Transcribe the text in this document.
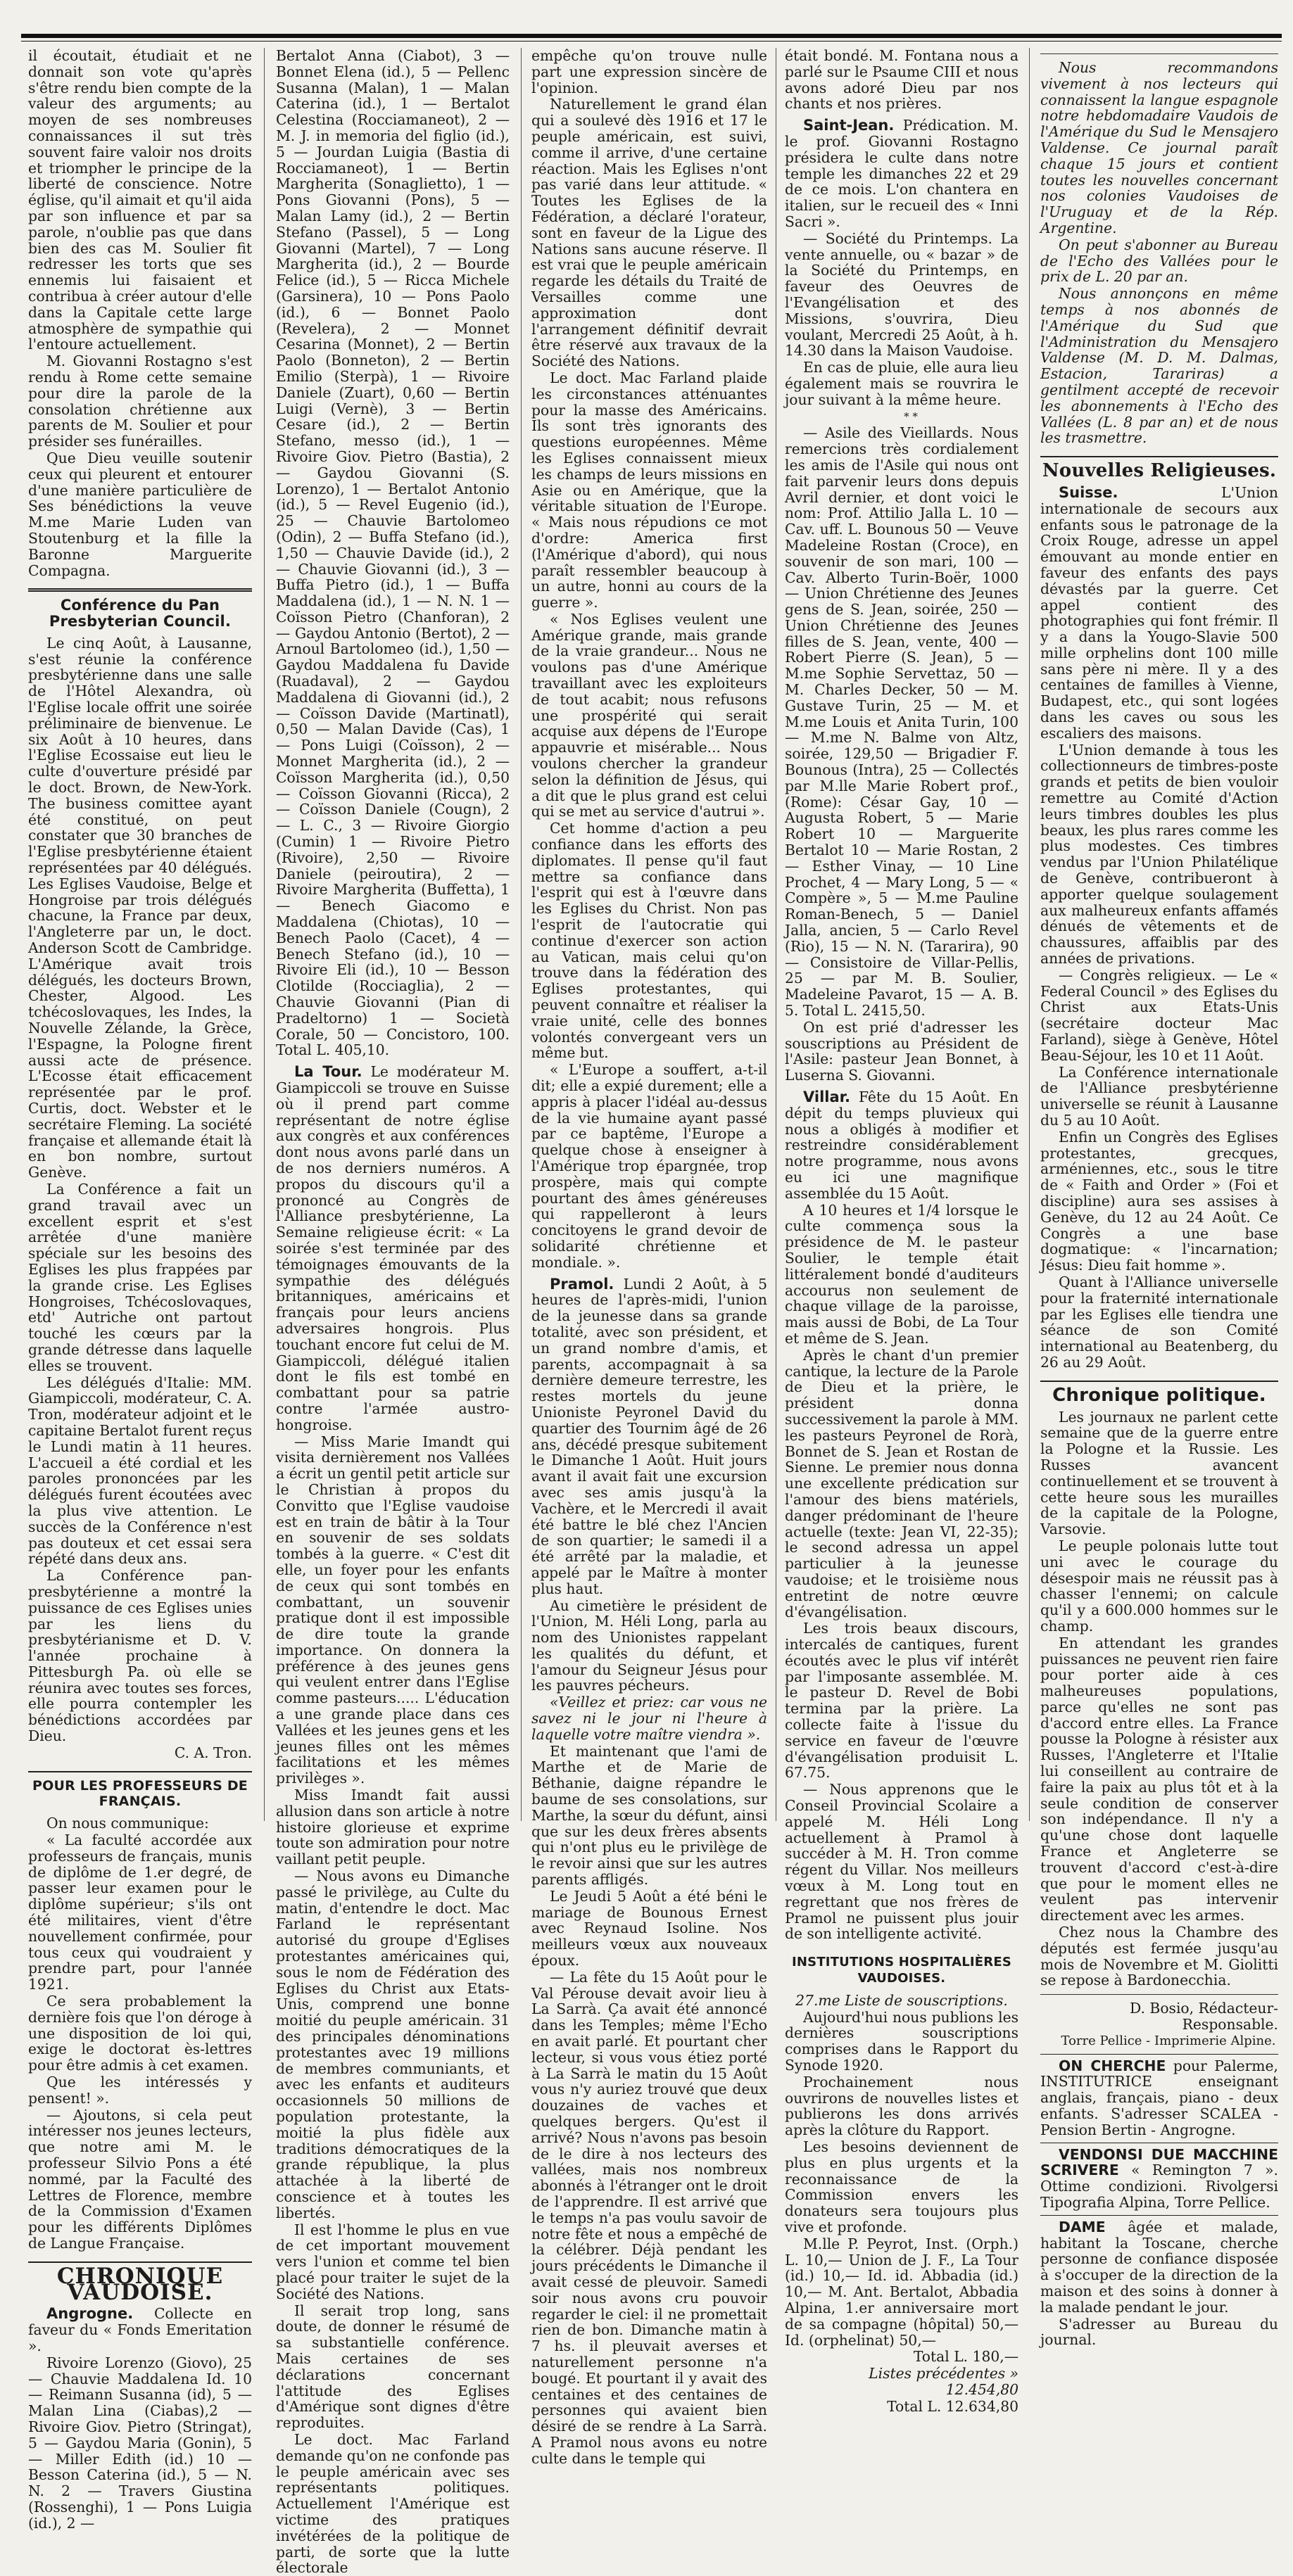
il écoutait, étudiait et ne donnait son vote qu'après s'être rendu bien compte de la valeur des arguments; au moyen de ses nombreuses connaissances il sut très souvent faire valoir nos droits et triompher le principe de la liberté de conscience. Notre église, qu'il aimait et qu'il aida par son influence et par sa parole, n'oublie pas que dans bien des cas M. Soulier fit redresser les torts que ses ennemis lui faisaient et contribua à créer autour d'elle dans la Capitale cette large atmosphère de sympathie qui l'entoure actuellement.

M. Giovanni Rostagno s'est rendu à Rome cette semaine pour dire la parole de la consolation chrétienne aux parents de M. Soulier et pour présider ses funérailles.

Que Dieu veuille soutenir ceux qui pleurent et entourer d'une manière particulière de Ses bénédictions la veuve M.me Marie Luden van Stoutenburg et la fille la Baronne Marguerite Compagna.

Conférence du Pan Presbyterian Council.

Le cinq Août, à Lausanne, s'est réunie la conférence presbytérienne dans une salle de l'Hôtel Alexandra, où l'Eglise locale offrit une soirée préliminaire de bienvenue. Le six Août à 10 heures, dans l'Eglise Ecossaise eut lieu le culte d'ouverture présidé par le doct. Brown, de New-York. The business comittee ayant été constitué, on peut constater que 30 branches de l'Eglise presbytérienne étaient représentées par 40 délégués. Les Eglises Vaudoise, Belge et Hongroise par trois délégués chacune, la France par deux, l'Angleterre par un, le doct. Anderson Scott de Cambridge. L'Amérique avait trois délégués, les docteurs Brown, Chester, Algood. Les tchécoslovaques, les Indes, la Nouvelle Zélande, la Grèce, l'Espagne, la Pologne firent aussi acte de présence. L'Ecosse était efficacement représentée par le prof. Curtis, doct. Webster et le secrétaire Fleming. La société française et allemande était là en bon nombre, surtout Genève.

La Conférence a fait un grand travail avec un excellent esprit et s'est arrêtée d'une manière spéciale sur les besoins des Eglises les plus frappées par la grande crise. Les Eglises Hongroises, Tchécoslovaques, etd' Autriche ont partout touché les cœurs par la grande détresse dans laquelle elles se trouvent.

Les délégués d'Italie: MM. Giampiccoli, modérateur, C. A. Tron, modérateur adjoint et le capitaine Bertalot furent reçus le Lundi matin à 11 heures. L'accueil a été cordial et les paroles prononcées par les délégués furent écoutées avec la plus vive attention. Le succès de la Conférence n'est pas douteux et cet essai sera répété dans deux ans.

La Conférence pan-presbytérienne a montré la puissance de ces Eglises unies par les liens du presbytérianisme et D. V. l'année prochaine à Pittesburgh Pa. où elle se réunira avec toutes ses forces, elle pourra contempler les bénédictions accordées par Dieu.

C. A. Tron.

POUR LES PROFESSEURS DE FRANÇAIS.

On nous communique:

« La faculté accordée aux professeurs de français, munis de diplôme de 1.er degré, de passer leur examen pour le diplôme supérieur; s'ils ont été militaires, vient d'être nouvellement confirmée, pour tous ceux qui voudraient y prendre part, pour l'année 1921.

Ce sera probablement la dernière fois que l'on déroge à une disposition de loi qui, exige le doctorat ès-lettres pour être admis à cet examen.

Que les intéressés y pensent! ».

— Ajoutons, si cela peut intéresser nos jeunes lecteurs, que notre ami M. le professeur Silvio Pons a été nommé, par la Faculté des Lettres de Florence, membre de la Commission d'Examen pour les différents Diplômes de Langue Française.

CHRONIQUE VAUDOISE.

Angrogne. Collecte en faveur du « Fonds Emeritation ».

Rivoire Lorenzo (Giovo), 25 — Chauvie Maddalena Id. 10 — Reimann Susanna (id), 5 — Malan Lina (Ciabas),2 — Rivoire Giov. Pietro (Stringat), 5 — Gaydou Maria (Gonin), 5 — Miller Edith (id.) 10 — Besson Caterina (id.), 5 — N. N. 2 — Travers Giustina (Rossenghi), 1 — Pons Luigia (id.), 2 —

Bertalot Anna (Ciabot), 3 — Bonnet Elena (id.), 5 — Pellenc Susanna (Malan), 1 — Malan Caterina (id.), 1 — Bertalot Celestina (Rocciamaneot), 2 — M. J. in memoria del figlio (id.), 5 — Jourdan Luigia (Bastia di Rocciamaneot), 1 — Bertin Margherita (Sonaglietto), 1 — Pons Giovanni (Pons), 5 — Malan Lamy (id.), 2 — Bertin Stefano (Passel), 5 — Long Giovanni (Martel), 7 — Long Margherita (id.), 2 — Bourde Felice (id.), 5 — Ricca Michele (Garsinera), 10 — Pons Paolo (id.), 6 — Bonnet Paolo (Revelera), 2 — Monnet Cesarina (Monnet), 2 — Bertin Paolo (Bonneton), 2 — Bertin Emilio (Sterpà), 1 — Rivoire Daniele (Zuart), 0,60 — Bertin Luigi (Vernè), 3 — Bertin Cesare (id.), 2 — Bertin Stefano, messo (id.), 1 — Rivoire Giov. Pietro (Bastia), 2 — Gaydou Giovanni (S. Lorenzo), 1 — Bertalot Antonio (id.), 5 — Revel Eugenio (id.), 25 — Chauvie Bartolomeo (Odin), 2 — Buffa Stefano (id.), 1,50 — Chauvie Davide (id.), 2 — Chauvie Giovanni (id.), 3 — Buffa Pietro (id.), 1 — Buffa Maddalena (id.), 1 — N. N. 1 — Coïsson Pietro (Chanforan), 2 — Gaydou Antonio (Bertot), 2 — Arnoul Bartolomeo (id.), 1,50 — Gaydou Maddalena fu Davide (Ruadaval), 2 — Gaydou Maddalena di Giovanni (id.), 2 — Coïsson Davide (Martinatl), 0,50 — Malan Davide (Cas), 1 — Pons Luigi (Coïsson), 2 — Monnet Margherita (id.), 2 — Coïsson Margherita (id.), 0,50 — Coïsson Giovanni (Ricca), 2 — Coïsson Daniele (Cougn), 2 — L. C., 3 — Rivoire Giorgio (Cumin) 1 — Rivoire Pietro (Rivoire), 2,50 — Rivoire Daniele (peiroutira), 2 — Rivoire Margherita (Buffetta), 1 — Benech Giacomo e Maddalena (Chiotas), 10 — Benech Paolo (Cacet), 4 — Benech Stefano (id.), 10 — Rivoire Eli (id.), 10 — Besson Clotilde (Rocciaglia), 2 — Chauvie Giovanni (Pian di Pradeltorno) 1 — Società Corale, 50 — Concistoro, 100. Total L. 405,10.

La Tour. Le modérateur M. Giampiccoli se trouve en Suisse où il prend part comme représentant de notre église aux congrès et aux conférences dont nous avons parlé dans un de nos derniers numéros. A propos du discours qu'il a prononcé au Congrès de l'Alliance presbytérienne, La Semaine religieuse écrit: « La soirée s'est terminée par des témoignages émouvants de la sympathie des délégués britanniques, américains et français pour leurs anciens adversaires hongrois. Plus touchant encore fut celui de M. Giampiccoli, délégué italien dont le fils est tombé en combattant pour sa patrie contre l'armée austro-hongroise.

— Miss Marie Imandt qui visita dernièrement nos Vallées a écrit un gentil petit article sur le Christian à propos du Convitto que l'Eglise vaudoise est en train de bâtir à la Tour en souvenir de ses soldats tombés à la guerre. « C'est dit elle, un foyer pour les enfants de ceux qui sont tombés en combattant, un souvenir pratique dont il est impossible de dire toute la grande importance. On donnera la préférence à des jeunes gens qui veulent entrer dans l'Eglise comme pasteurs..... L'éducation a une grande place dans ces Vallées et les jeunes gens et les jeunes filles ont les mêmes facilitations et les mêmes privilèges ».

Miss Imandt fait aussi allusion dans son article à notre histoire glorieuse et exprime toute son admiration pour notre vaillant petit peuple.

— Nous avons eu Dimanche passé le privilège, au Culte du matin, d'entendre le doct. Mac Farland le représentant autorisé du groupe d'Eglises protestantes américaines qui, sous le nom de Fédération des Eglises du Christ aux Etats-Unis, comprend une bonne moitié du peuple américain. 31 des principales dénominations protestantes avec 19 millions de membres communiants, et avec les enfants et auditeurs occasionnels 50 millions de population protestante, la moitié la plus fidèle aux traditions démocratiques de la grande république, la plus attachée à la liberté de conscience et à toutes les libertés.

Il est l'homme le plus en vue de cet important mouvement vers l'union et comme tel bien placé pour traiter le sujet de la Société des Nations.

Il serait trop long, sans doute, de donner le résumé de sa substantielle conférence. Mais certaines de ses déclarations concernant l'attitude des Eglises d'Amérique sont dignes d'être reproduites.

Le doct. Mac Farland demande qu'on ne confonde pas le peuple américain avec ses représentants politiques. Actuellement l'Amérique est victime des pratiques invétérées de la politique de parti, de sorte que la lutte électorale

empêche qu'on trouve nulle part une expression sincère de l'opinion.

Naturellement le grand élan qui a soulevé dès 1916 et 17 le peuple américain, est suivi, comme il arrive, d'une certaine réaction. Mais les Eglises n'ont pas varié dans leur attitude. « Toutes les Eglises de la Fédération, a déclaré l'orateur, sont en faveur de la Ligue des Nations sans aucune réserve. Il est vrai que le peuple américain regarde les détails du Traité de Versailles comme une approximation dont l'arrangement définitif devrait être réservé aux travaux de la Société des Nations.

Le doct. Mac Farland plaide les circonstances atténuantes pour la masse des Américains. Ils sont très ignorants des questions européennes. Même les Eglises connaissent mieux les champs de leurs missions en Asie ou en Amérique, que la véritable situation de l'Europe. « Mais nous répudions ce mot d'ordre: America first (l'Amérique d'abord), qui nous paraît ressembler beaucoup à un autre, honni au cours de la guerre ».

« Nos Eglises veulent une Amérique grande, mais grande de la vraie grandeur... Nous ne voulons pas d'une Amérique travaillant avec les exploiteurs de tout acabit; nous refusons une prospérité qui serait acquise aux dépens de l'Europe appauvrie et misérable... Nous voulons chercher la grandeur selon la définition de Jésus, qui a dit que le plus grand est celui qui se met au service d'autrui ».

Cet homme d'action a peu confiance dans les efforts des diplomates. Il pense qu'il faut mettre sa confiance dans l'esprit qui est à l'œuvre dans les Eglises du Christ. Non pas l'esprit de l'autocratie qui continue d'exercer son action au Vatican, mais celui qu'on trouve dans la fédération des Eglises protestantes, qui peuvent connaître et réaliser la vraie unité, celle des bonnes volontés convergeant vers un même but.

« L'Europe a souffert, a-t-il dit; elle a expié durement; elle a appris à placer l'idéal au-dessus de la vie humaine ayant passé par ce baptême, l'Europe a quelque chose à enseigner à l'Amérique trop épargnée, trop prospère, mais qui compte pourtant des âmes généreuses qui rappelleront à leurs concitoyens le grand devoir de solidarité chrétienne et mondiale. ».

Pramol. Lundi 2 Août, à 5 heures de l'après-midi, l'union de la jeunesse dans sa grande totalité, avec son président, et un grand nombre d'amis, et parents, accompagnait à sa dernière demeure terrestre, les restes mortels du jeune Unioniste Peyronel David du quartier des Tournim âgé de 26 ans, décédé presque subitement le Dimanche 1 Août. Huit jours avant il avait fait une excursion avec ses amis jusqu'à la Vachère, et le Mercredi il avait été battre le blé chez l'Ancien de son quartier; le samedi il a été arrêté par la maladie, et appelé par le Maître à monter plus haut.

Au cimetière le président de l'Union, M. Héli Long, parla au nom des Unionistes rappelant les qualités du défunt, et l'amour du Seigneur Jésus pour les pauvres pécheurs.

«Veillez et priez: car vous ne savez ni le jour ni l'heure à laquelle votre maître viendra ».

Et maintenant que l'ami de Marthe et de Marie de Béthanie, daigne répandre le baume de ses consolations, sur Marthe, la sœur du défunt, ainsi que sur les deux frères absents qui n'ont plus eu le privilège de le revoir ainsi que sur les autres parents affligés.

Le Jeudi 5 Août a été béni le mariage de Bounous Ernest avec Reynaud Isoline. Nos meilleurs vœux aux nouveaux époux.

— La fête du 15 Août pour le Val Pérouse devait avoir lieu à La Sarrà. Ça avait été annoncé dans les Temples; même l'Echo en avait parlé. Et pourtant cher lecteur, si vous vous étiez porté à La Sarrà le matin du 15 Août vous n'y auriez trouvé que deux douzaines de vaches et quelques bergers. Qu'est il arrivé? Nous n'avons pas besoin de le dire à nos lecteurs des vallées, mais nos nombreux abonnés à l'étranger ont le droit de l'apprendre. Il est arrivé que le temps n'a pas voulu savoir de notre fête et nous a empêché de la célébrer. Déjà pendant les jours précédents le Dimanche il avait cessé de pleuvoir. Samedi soir nous avons cru pouvoir regarder le ciel: il ne promettait rien de bon. Dimanche matin à 7 hs. il pleuvait averses et naturellement personne n'a bougé. Et pourtant il y avait des centaines et des centaines de personnes qui avaient bien désiré de se rendre à La Sarrà. A Pramol nous avons eu notre culte dans le temple qui

était bondé. M. Fontana nous a parlé sur le Psaume CIII et nous avons adoré Dieu par nos chants et nos prières.

Saint-Jean. Prédication. M. le prof. Giovanni Rostagno présidera le culte dans notre temple les dimanches 22 et 29 de ce mois. L'on chantera en italien, sur le recueil des « Inni Sacri ».

— Société du Printemps. La vente annuelle, ou « bazar » de la Société du Printemps, en faveur des Oeuvres de l'Evangélisation et des Missions, s'ouvrira, Dieu voulant, Mercredi 25 Août, à h. 14.30 dans la Maison Vaudoise.

En cas de pluie, elle aura lieu également mais se rouvrira le jour suivant à la même heure.

* *

— Asile des Vieillards. Nous remercions très cordialement les amis de l'Asile qui nous ont fait parvenir leurs dons depuis Avril dernier, et dont voici le nom: Prof. Attilio Jalla L. 10 — Cav. uff. L. Bounous 50 — Veuve Madeleine Rostan (Croce), en souvenir de son mari, 100 — Cav. Alberto Turin-Boër, 1000 — Union Chrétienne des Jeunes gens de S. Jean, soirée, 250 — Union Chrétienne des Jeunes filles de S. Jean, vente, 400 — Robert Pierre (S. Jean), 5 — M.me Sophie Servettaz, 50 — M. Charles Decker, 50 — M. Gustave Turin, 25 — M. et M.me Louis et Anita Turin, 100 — M.me N. Balme von Altz, soirée, 129,50 — Brigadier F. Bounous (Intra), 25 — Collectés par M.lle Marie Robert prof., (Rome): César Gay, 10 — Augusta Robert, 5 — Marie Robert 10 — Marguerite Bertalot 10 — Marie Rostan, 2 — Esther Vinay, — 10 Line Prochet, 4 — Mary Long, 5 — « Compère », 5 — M.me Pauline Roman-Benech, 5 — Daniel Jalla, ancien, 5 — Carlo Revel (Rio), 15 — N. N. (Tararira), 90 — Consistoire de Villar-Pellis, 25 — par M. B. Soulier, Madeleine Pavarot, 15 — A. B. 5. Total L. 2415,50.

On est prié d'adresser les souscriptions au Président de l'Asile: pasteur Jean Bonnet, à Luserna S. Giovanni.

Villar. Fête du 15 Août. En dépit du temps pluvieux qui nous a obligés à modifier et restreindre considérablement notre programme, nous avons eu ici une magnifique assemblée du 15 Août.

A 10 heures et 1/4 lorsque le culte commença sous la présidence de M. le pasteur Soulier, le temple était littéralement bondé d'auditeurs accourus non seulement de chaque village de la paroisse, mais aussi de Bobi, de La Tour et même de S. Jean.

Après le chant d'un premier cantique, la lecture de la Parole de Dieu et la prière, le président donna successivement la parole à MM. les pasteurs Peyronel de Rorà, Bonnet de S. Jean et Rostan de Sienne. Le premier nous donna une excellente prédication sur l'amour des biens matériels, danger prédominant de l'heure actuelle (texte: Jean VI, 22-35); le second adressa un appel particulier à la jeunesse vaudoise; et le troisième nous entretint de notre œuvre d'évangélisation.

Les trois beaux discours, intercalés de cantiques, furent écoutés avec le plus vif intérêt par l'imposante assemblée. M. le pasteur D. Revel de Bobi termina par la prière. La collecte faite à l'issue du service en faveur de l'œuvre d'évangélisation produisit L. 67.75.

— Nous apprenons que le Conseil Provincial Scolaire a appelé M. Héli Long actuellement à Pramol à succéder à M. H. Tron comme régent du Villar. Nos meilleurs vœux à M. Long tout en regrettant que nos frères de Pramol ne puissent plus jouir de son intelligente activité.

INSTITUTIONS HOSPITALIÈRES VAUDOISES.

27.me Liste de souscriptions.

Aujourd'hui nous publions les dernières souscriptions comprises dans le Rapport du Synode 1920.

Prochainement nous ouvrirons de nouvelles listes et publierons les dons arrivés après la clôture du Rapport.

Les besoins deviennent de plus en plus urgents et la reconnaissance de la Commission envers les donateurs sera toujours plus vive et profonde.

M.lle P. Peyrot, Inst. (Orph.) L. 10,— Union de J. F., La Tour (id.) 10,— Id. id. Abbadia (id.) 10,— M. Ant. Bertalot, Abbadia Alpina, 1.er anniversaire mort de sa compagne (hôpital) 50,— Id. (orphelinat) 50,—

Total L. 180,—

Listes précédentes » 12.454,80

Total L. 12.634,80

Nous recommandons vivement à nos lecteurs qui connaissent la langue espagnole notre hebdomadaire Vaudois de l'Amérique du Sud le Mensajero Valdense. Ce journal paraît chaque 15 jours et contient toutes les nouvelles concernant nos colonies Vaudoises de l'Uruguay et de la Rép. Argentine.

On peut s'abonner au Bureau de l'Echo des Vallées pour le prix de L. 20 par an.

Nous annonçons en même temps à nos abonnés de l'Amérique du Sud que l'Administration du Mensajero Valdense (M. D. M. Dalmas, Estacion, Tarariras) a gentilment accepté de recevoir les abonnements à l'Echo des Vallées (L. 8 par an) et de nous les trasmettre.

Nouvelles Religieuses.

Suisse.	L'Union internationale de secours aux enfants sous le patronage de la Croix Rouge, adresse un appel émouvant au monde entier en faveur des enfants des pays dévastés par la guerre. Cet appel contient des photographies qui font frémir. Il y a dans la Yougo-Slavie 500 mille orphelins dont 100 mille sans père ni mère. Il y a des centaines de familles à Vienne, Budapest, etc., qui sont logées dans les caves ou sous les escaliers des maisons.

L'Union demande à tous les collectionneurs de timbres-poste grands et petits de bien vouloir remettre au Comité d'Action leurs timbres doubles les plus beaux, les plus rares comme les plus modestes. Ces timbres vendus par l'Union Philatélique de Genève, contribueront à apporter quelque soulagement aux malheureux enfants affamés dénués de vêtements et de chaussures, affaiblis par des années de privations.

— Congrès religieux. — Le « Federal Council » des Eglises du Christ aux Etats-Unis (secrétaire docteur Mac Farland), siège à Genève, Hôtel Beau-Séjour, les 10 et 11 Août.

La Conférence internationale de l'Alliance presbytérienne universelle se réunit à Lausanne du 5 au 10 Août.

Enfin un Congrès des Eglises protestantes, grecques, arméniennes, etc., sous le titre de « Faith and Order » (Foi et discipline) aura ses assises à Genève, du 12 au 24 Août. Ce Congrès a une base dogmatique: « l'incarnation; Jésus: Dieu fait homme ».

Quant à l'Alliance universelle pour la fraternité internationale par les Eglises elle tiendra une séance de son Comité international au Beatenberg, du 26 au 29 Août.

Chronique politique.

Les journaux ne parlent cette semaine que de la guerre entre la Pologne et la Russie. Les Russes avancent continuellement et se trouvent à cette heure sous les murailles de la capitale de la Pologne, Varsovie.

Le peuple polonais lutte tout uni avec le courage du désespoir mais ne réussit pas à chasser l'ennemi; on calcule qu'il y a 600.000 hommes sur le champ.

En attendant les grandes puissances ne peuvent rien faire pour porter aide à ces malheureuses populations, parce qu'elles ne sont pas d'accord entre elles. La France pousse la Pologne à résister aux Russes, l'Angleterre et l'Italie lui conseillent au contraire de faire la paix au plus tôt et à la seule condition de conserver son indépendance. Il n'y a qu'une chose dont laquelle France et Angleterre se trouvent d'accord c'est-à-dire que pour le moment elles ne veulent pas intervenir directement avec les armes.

Chez nous la Chambre des députés est fermée jusqu'au mois de Novembre et M. Giolitti se repose à Bardonecchia.

D. Bosio, Rédacteur-Responsable.

Torre Pellice - Imprimerie Alpine.

ON CHERCHE pour Palerme, INSTITUTRICE enseignant anglais, français, piano - deux enfants. S'adresser SCALEA - Pension Bertin - Angrogne.

VENDONSI DUE MACCHINE SCRIVERE « Remington 7 ». Ottime condizioni. Rivolgersi Tipografia Alpina, Torre Pellice.

DAME âgée et malade, habitant la Toscane, cherche personne de confiance disposée à s'occuper de la direction de la maison et des soins à donner à la malade pendant le jour.

S'adresser au Bureau du journal.
